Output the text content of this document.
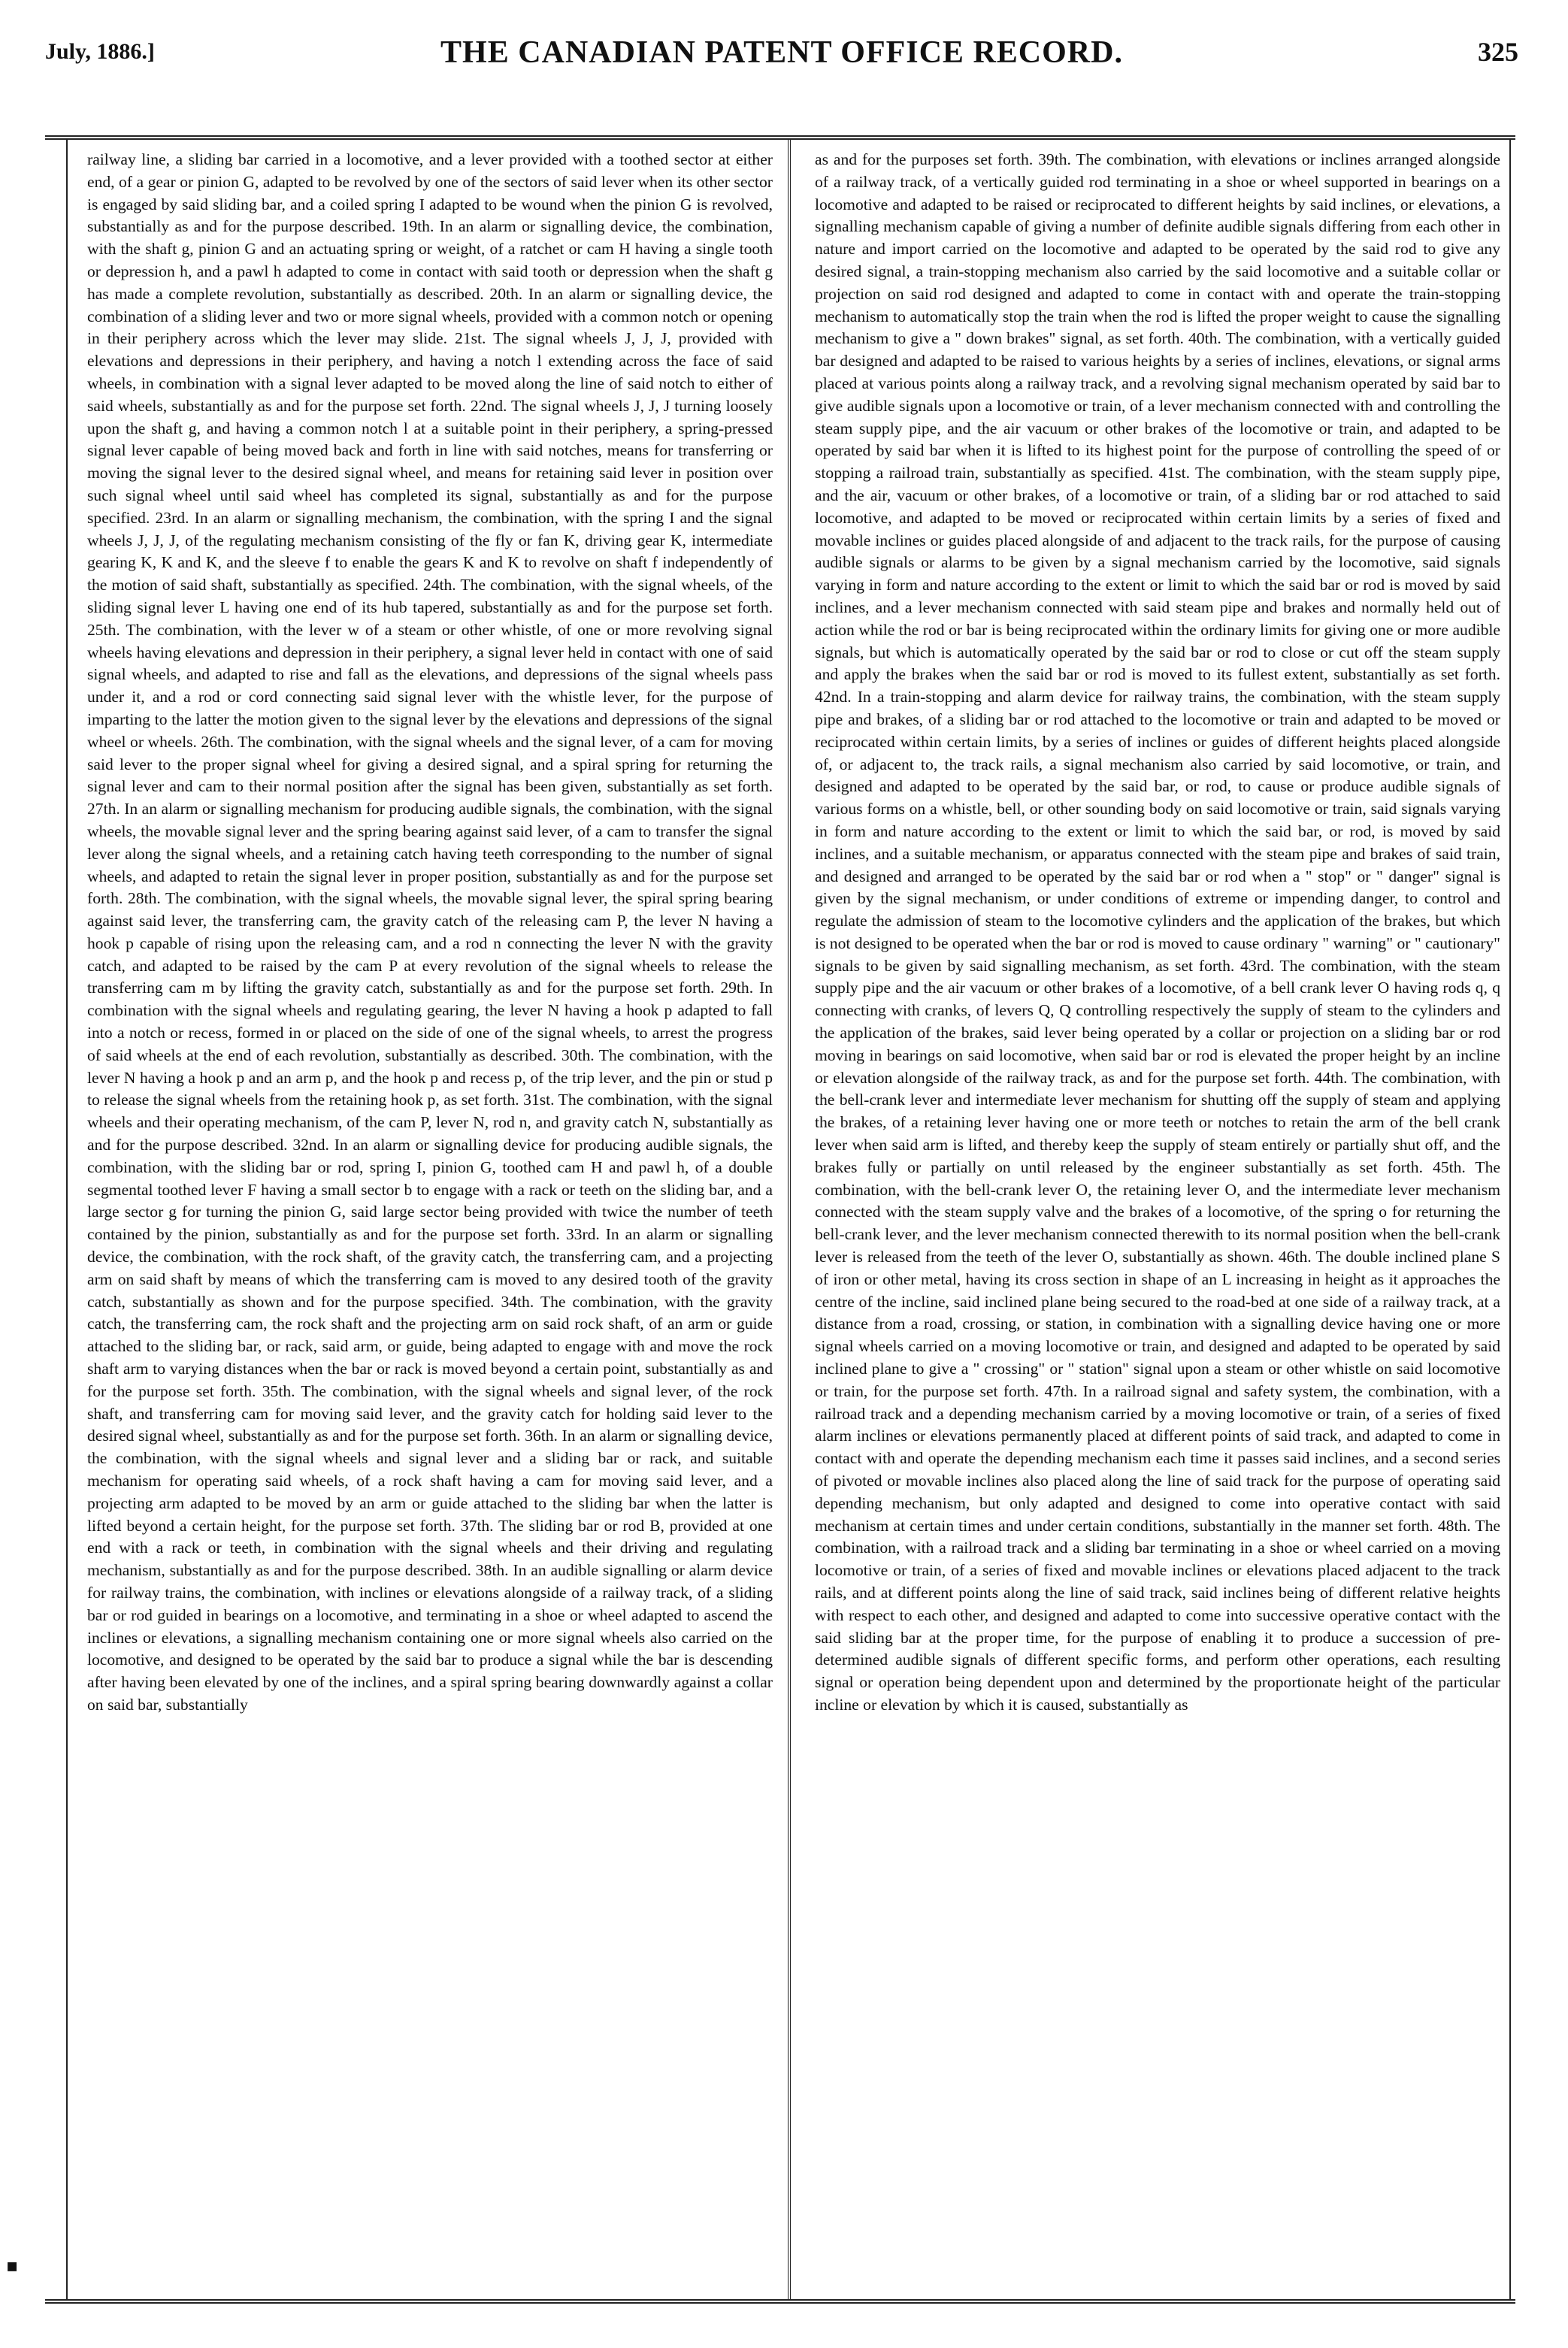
July, 1886.]	THE CANADIAN PATENT OFFICE RECORD.	325
railway line, a sliding bar carried in a locomotive, and a lever provided with a toothed sector at either end, of a gear or pinion G, adapted to be revolved by one of the sectors of said lever when its other sector is engaged by said sliding bar, and a coiled spring I adapted to be wound when the pinion G is revolved, substantially as and for the purpose described. 19th. In an alarm or signalling device, the combination, with the shaft g, pinion G and an actuating spring or weight, of a ratchet or cam H having a single tooth or depression h, and a pawl h adapted to come in contact with said tooth or depression when the shaft g has made a complete revolution, substantially as described. 20th. In an alarm or signalling device, the combination of a sliding lever and two or more signal wheels, provided with a common notch or opening in their periphery across which the lever may slide. 21st. The signal wheels J, J, J, provided with elevations and depressions in their periphery, and having a notch l extending across the face of said wheels, in combination with a signal lever adapted to be moved along the line of said notch to either of said wheels, substantially as and for the purpose set forth. 22nd. The signal wheels J, J, J turning loosely upon the shaft g, and having a common notch l at a suitable point in their periphery, a spring-pressed signal lever capable of being moved back and forth in line with said notches, means for transferring or moving the signal lever to the desired signal wheel, and means for retaining said lever in position over such signal wheel until said wheel has completed its signal, substantially as and for the purpose specified. 23rd. In an alarm or signalling mechanism, the combination, with the spring I and the signal wheels J, J, J, of the regulating mechanism consisting of the fly or fan K, driving gear K, intermediate gearing K, K and K, and the sleeve f to enable the gears K and K to revolve on shaft f independently of the motion of said shaft, substantially as specified. 24th. The combination, with the signal wheels, of the sliding signal lever L having one end of its hub tapered, substantially as and for the purpose set forth. 25th. The combination, with the lever w of a steam or other whistle, of one or more revolving signal wheels having elevations and depression in their periphery, a signal lever held in contact with one of said signal wheels, and adapted to rise and fall as the elevations, and depressions of the signal wheels pass under it, and a rod or cord connecting said signal lever with the whistle lever, for the purpose of imparting to the latter the motion given to the signal lever by the elevations and depressions of the signal wheel or wheels. 26th. The combination, with the signal wheels and the signal lever, of a cam for moving said lever to the proper signal wheel for giving a desired signal, and a spiral spring for returning the signal lever and cam to their normal position after the signal has been given, substantially as set forth. 27th. In an alarm or signalling mechanism for producing audible signals, the combination, with the signal wheels, the movable signal lever and the spring bearing against said lever, of a cam to transfer the signal lever along the signal wheels, and a retaining catch having teeth corresponding to the number of signal wheels, and adapted to retain the signal lever in proper position, substantially as and for the purpose set forth. 28th. The combination, with the signal wheels, the movable signal lever, the spiral spring bearing against said lever, the transferring cam, the gravity catch of the releasing cam P, the lever N having a hook p capable of rising upon the releasing cam, and a rod n connecting the lever N with the gravity catch, and adapted to be raised by the cam P at every revolution of the signal wheels to release the transferring cam m by lifting the gravity catch, substantially as and for the purpose set forth. 29th. In combination with the signal wheels and regulating gearing, the lever N having a hook p adapted to fall into a notch or recess, formed in or placed on the side of one of the signal wheels, to arrest the progress of said wheels at the end of each revolution, substantially as described. 30th. The combination, with the lever N having a hook p and an arm p, and the hook p and recess p, of the trip lever, and the pin or stud p to release the signal wheels from the retaining hook p, as set forth. 31st. The combination, with the signal wheels and their operating mechanism, of the cam P, lever N, rod n, and gravity catch N, substantially as and for the purpose described. 32nd. In an alarm or signalling device for producing audible signals, the combination, with the sliding bar or rod, spring I, pinion G, toothed cam H and pawl h, of a double segmental toothed lever F having a small sector b to engage with a rack or teeth on the sliding bar, and a large sector g for turning the pinion G, said large sector being provided with twice the number of teeth contained by the pinion, substantially as and for the purpose set forth. 33rd. In an alarm or signalling device, the combination, with the rock shaft, of the gravity catch, the transferring cam, and a projecting arm on said shaft by means of which the transferring cam is moved to any desired tooth of the gravity catch, substantially as shown and for the purpose specified. 34th. The combination, with the gravity catch, the transferring cam, the rock shaft and the projecting arm on said rock shaft, of an arm or guide attached to the sliding bar, or rack, said arm, or guide, being adapted to engage with and move the rock shaft arm to varying distances when the bar or rack is moved beyond a certain point, substantially as and for the purpose set forth. 35th. The combination, with the signal wheels and signal lever, of the rock shaft, and transferring cam for moving said lever, and the gravity catch for holding said lever to the desired signal wheel, substantially as and for the purpose set forth. 36th. In an alarm or signalling device, the combination, with the signal wheels and signal lever and a sliding bar or rack, and suitable mechanism for operating said wheels, of a rock shaft having a cam for moving said lever, and a projecting arm adapted to be moved by an arm or guide attached to the sliding bar when the latter is lifted beyond a certain height, for the purpose set forth. 37th. The sliding bar or rod B, provided at one end with a rack or teeth, in combination with the signal wheels and their driving and regulating mechanism, substantially as and for the purpose described. 38th. In an audible signalling or alarm device for railway trains, the combination, with inclines or elevations alongside of a railway track, of a sliding bar or rod guided in bearings on a locomotive, and terminating in a shoe or wheel adapted to ascend the inclines or elevations, a signalling mechanism containing one or more signal wheels also carried on the locomotive, and designed to be operated by the said bar to produce a signal while the bar is descending after having been elevated by one of the inclines, and a spiral spring bearing downwardly against a collar on said bar, substantially
as and for the purposes set forth. 39th. The combination, with elevations or inclines arranged alongside of a railway track, of a vertically guided rod terminating in a shoe or wheel supported in bearings on a locomotive and adapted to be raised or reciprocated to different heights by said inclines, or elevations, a signalling mechanism capable of giving a number of definite audible signals differing from each other in nature and import carried on the locomotive and adapted to be operated by the said rod to give any desired signal, a train-stopping mechanism also carried by the said locomotive and a suitable collar or projection on said rod designed and adapted to come in contact with and operate the train-stopping mechanism to automatically stop the train when the rod is lifted the proper weight to cause the signalling mechanism to give a " down brakes" signal, as set forth. 40th. The combination, with a vertically guided bar designed and adapted to be raised to various heights by a series of inclines, elevations, or signal arms placed at various points along a railway track, and a revolving signal mechanism operated by said bar to give audible signals upon a locomotive or train, of a lever mechanism connected with and controlling the steam supply pipe, and the air vacuum or other brakes of the locomotive or train, and adapted to be operated by said bar when it is lifted to its highest point for the purpose of controlling the speed of or stopping a railroad train, substantially as specified. 41st. The combination, with the steam supply pipe, and the air, vacuum or other brakes, of a locomotive or train, of a sliding bar or rod attached to said locomotive, and adapted to be moved or reciprocated within certain limits by a series of fixed and movable inclines or guides placed alongside of and adjacent to the track rails, for the purpose of causing audible signals or alarms to be given by a signal mechanism carried by the locomotive, said signals varying in form and nature according to the extent or limit to which the said bar or rod is moved by said inclines, and a lever mechanism connected with said steam pipe and brakes and normally held out of action while the rod or bar is being reciprocated within the ordinary limits for giving one or more audible signals, but which is automatically operated by the said bar or rod to close or cut off the steam supply and apply the brakes when the said bar or rod is moved to its fullest extent, substantially as set forth. 42nd. In a train-stopping and alarm device for railway trains, the combination, with the steam supply pipe and brakes, of a sliding bar or rod attached to the locomotive or train and adapted to be moved or reciprocated within certain limits, by a series of inclines or guides of different heights placed alongside of, or adjacent to, the track rails, a signal mechanism also carried by said locomotive, or train, and designed and adapted to be operated by the said bar, or rod, to cause or produce audible signals of various forms on a whistle, bell, or other sounding body on said locomotive or train, said signals varying in form and nature according to the extent or limit to which the said bar, or rod, is moved by said inclines, and a suitable mechanism, or apparatus connected with the steam pipe and brakes of said train, and designed and arranged to be operated by the said bar or rod when a " stop" or " danger" signal is given by the signal mechanism, or under conditions of extreme or impending danger, to control and regulate the admission of steam to the locomotive cylinders and the application of the brakes, but which is not designed to be operated when the bar or rod is moved to cause ordinary " warning" or " cautionary" signals to be given by said signalling mechanism, as set forth. 43rd. The combination, with the steam supply pipe and the air vacuum or other brakes of a locomotive, of a bell crank lever O having rods q, q connecting with cranks, of levers Q, Q controlling respectively the supply of steam to the cylinders and the application of the brakes, said lever being operated by a collar or projection on a sliding bar or rod moving in bearings on said locomotive, when said bar or rod is elevated the proper height by an incline or elevation alongside of the railway track, as and for the purpose set forth. 44th. The combination, with the bell-crank lever and intermediate lever mechanism for shutting off the supply of steam and applying the brakes, of a retaining lever having one or more teeth or notches to retain the arm of the bell crank lever when said arm is lifted, and thereby keep the supply of steam entirely or partially shut off, and the brakes fully or partially on until released by the engineer substantially as set forth. 45th. The combination, with the bell-crank lever O, the retaining lever O, and the intermediate lever mechanism connected with the steam supply valve and the brakes of a locomotive, of the spring o for returning the bell-crank lever, and the lever mechanism connected therewith to its normal position when the bell-crank lever is released from the teeth of the lever O, substantially as shown. 46th. The double inclined plane S of iron or other metal, having its cross section in shape of an L increasing in height as it approaches the centre of the incline, said inclined plane being secured to the road-bed at one side of a railway track, at a distance from a road, crossing, or station, in combination with a signalling device having one or more signal wheels carried on a moving locomotive or train, and designed and adapted to be operated by said inclined plane to give a " crossing" or " station" signal upon a steam or other whistle on said locomotive or train, for the purpose set forth. 47th. In a railroad signal and safety system, the combination, with a railroad track and a depending mechanism carried by a moving locomotive or train, of a series of fixed alarm inclines or elevations permanently placed at different points of said track, and adapted to come in contact with and operate the depending mechanism each time it passes said inclines, and a second series of pivoted or movable inclines also placed along the line of said track for the purpose of operating said depending mechanism, but only adapted and designed to come into operative contact with said mechanism at certain times and under certain conditions, substantially in the manner set forth. 48th. The combination, with a railroad track and a sliding bar terminating in a shoe or wheel carried on a moving locomotive or train, of a series of fixed and movable inclines or elevations placed adjacent to the track rails, and at different points along the line of said track, said inclines being of different relative heights with respect to each other, and designed and adapted to come into successive operative contact with the said sliding bar at the proper time, for the purpose of enabling it to produce a succession of pre-determined audible signals of different specific forms, and perform other operations, each resulting signal or operation being dependent upon and determined by the proportionate height of the particular incline or elevation by which it is caused, substantially as
▪
